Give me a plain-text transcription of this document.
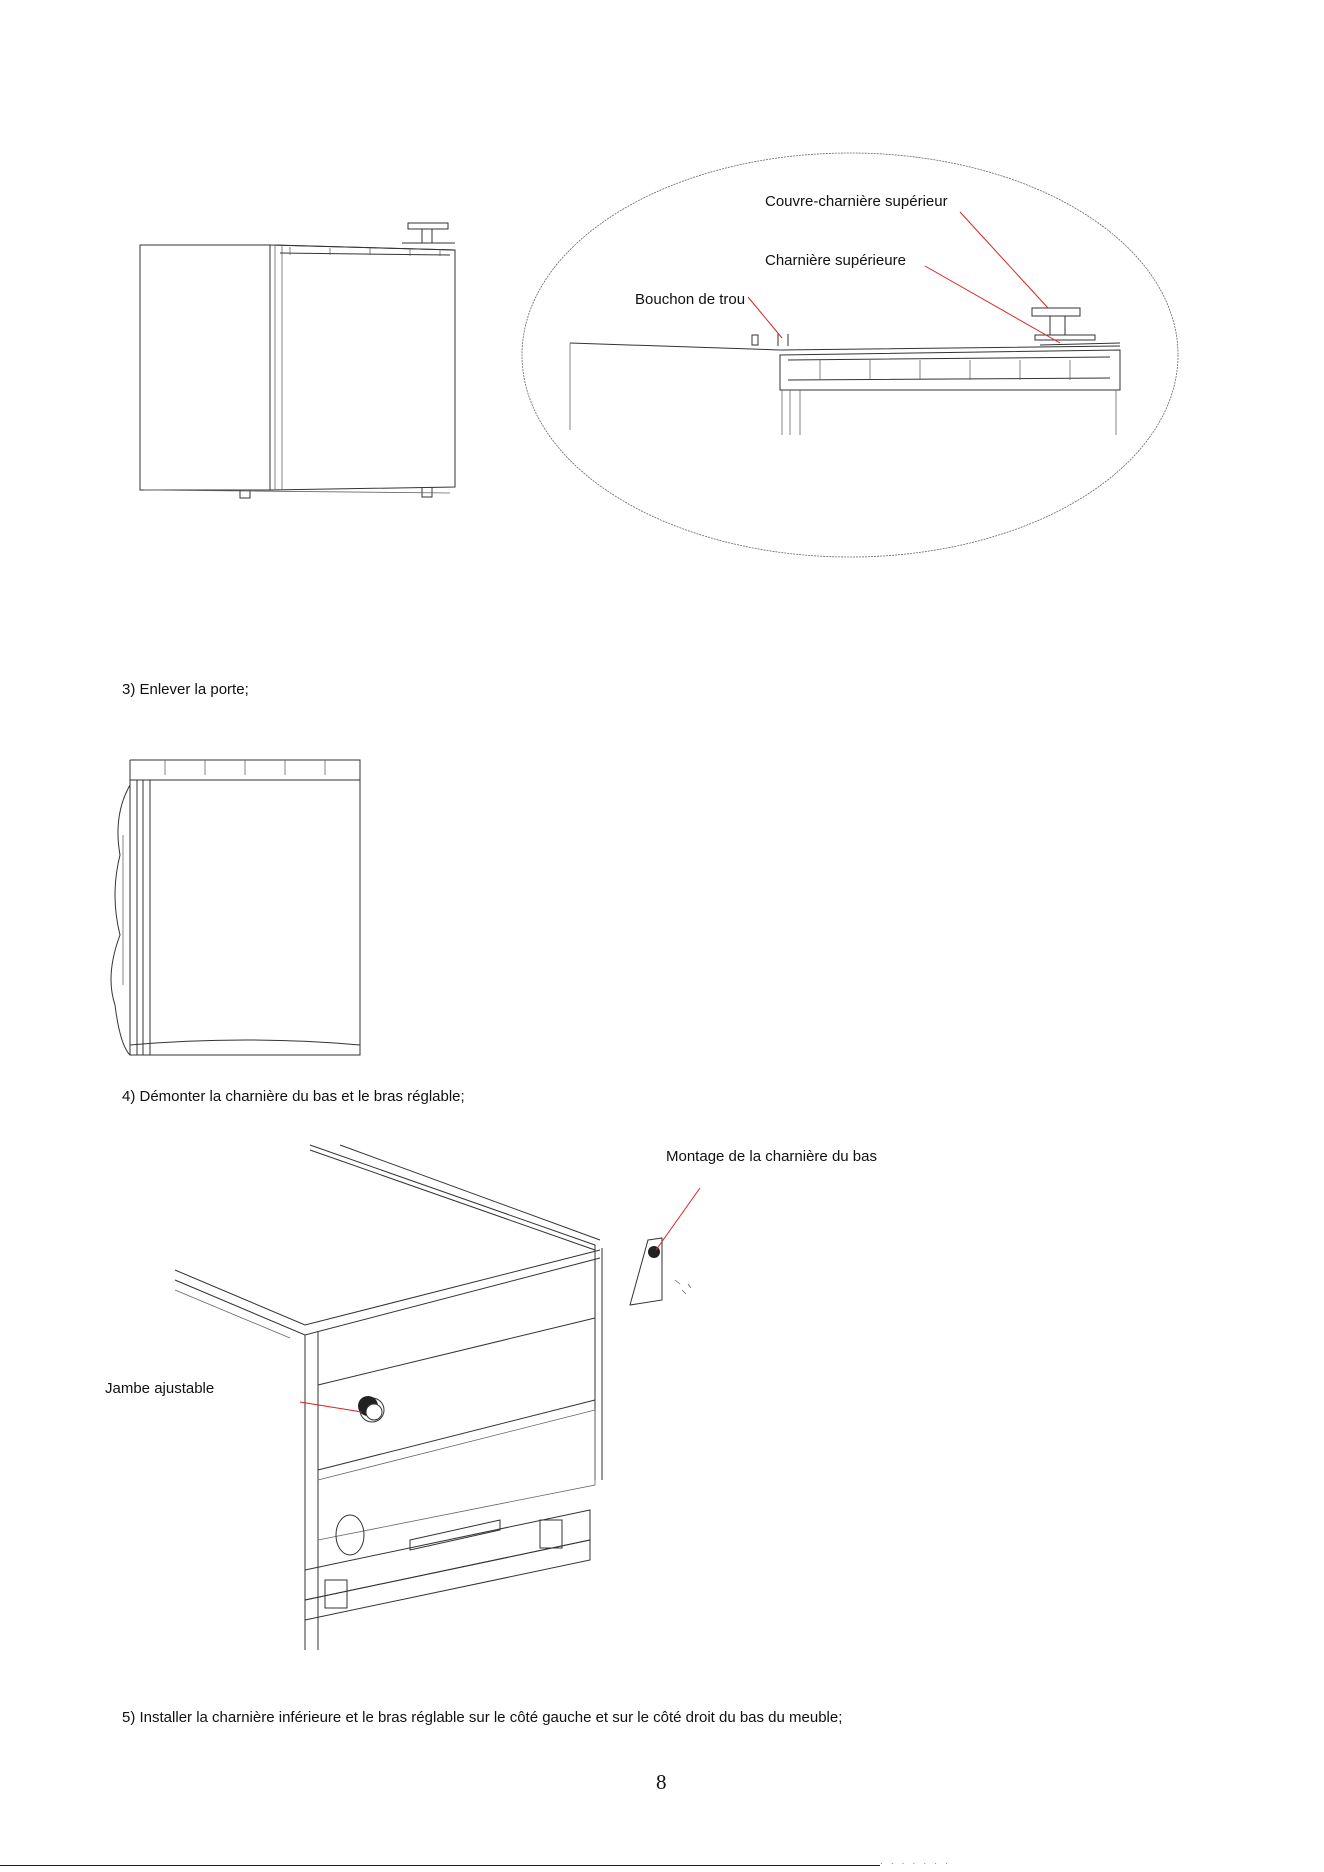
Couvre-charnière supérieur
Charnière supérieure
Bouchon de trou
3) Enlever la porte;
4) Démonter la charnière du bas et le bras réglable;
Montage de la charnière du bas
Jambe ajustable
5) Installer la charnière inférieure et le bras réglable sur le côté gauche et sur le côté droit du bas du meuble;
8
· · · · · · ·
